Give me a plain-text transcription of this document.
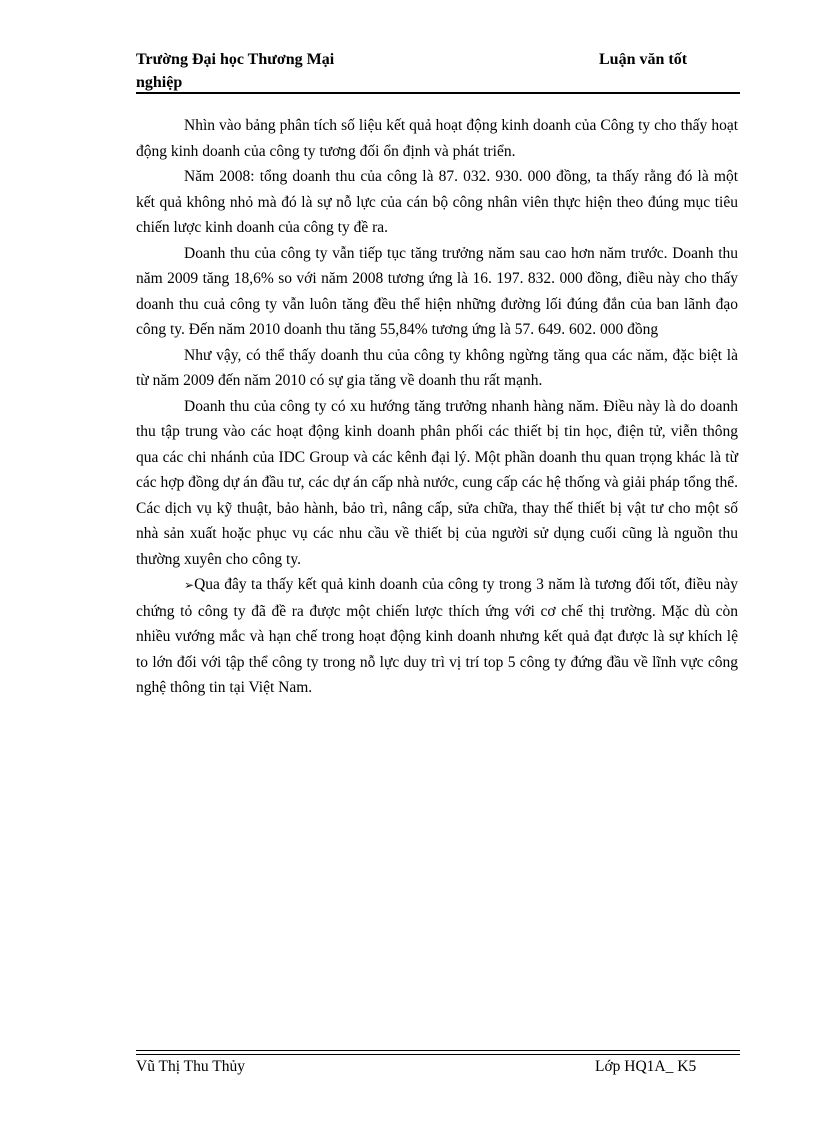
Trường Đại học Thương Mại	Luận văn tốt
nghiệp

Nhìn vào bảng phân tích số liệu kết quả hoạt động kinh doanh của Công ty cho thấy hoạt động kinh doanh của công ty tương đối ổn định và phát triển.

Năm 2008: tổng doanh thu của công là 87. 032. 930. 000 đồng, ta thấy rằng đó là một kết quả không nhỏ mà đó là sự nỗ lực của cán bộ công nhân viên thực hiện theo đúng mục tiêu chiến lược kinh doanh của công ty đề ra.

Doanh thu của công ty vẫn tiếp tục tăng trưởng năm sau cao hơn năm trước. Doanh thu năm 2009 tăng 18,6% so với năm 2008 tương ứng là 16. 197. 832. 000 đồng, điều này cho thấy doanh thu cuả công ty vẫn luôn tăng đều thể hiện những đường lối đúng đắn của ban lãnh đạo công ty. Đến năm 2010 doanh thu tăng 55,84% tương ứng là 57. 649. 602. 000 đồng

Như vậy, có thể thấy doanh thu của công ty không ngừng tăng qua các năm, đặc biệt là từ năm 2009 đến năm 2010 có sự gia tăng về doanh thu rất mạnh.

Doanh thu của công ty có xu hướng tăng trưởng nhanh hàng năm. Điều này là do doanh thu tập trung vào các hoạt động kinh doanh phân phối các thiết bị tin học, điện tử, viễn thông qua các chi nhánh của IDC Group và các kênh đại lý. Một phần doanh thu quan trọng khác là từ các hợp đồng dự án đầu tư, các dự án cấp nhà nước, cung cấp các hệ thống và giải pháp tổng thể. Các dịch vụ kỹ thuật, bảo hành, bảo trì, nâng cấp, sửa chữa, thay thế thiết bị vật tư cho một số nhà sản xuất hoặc phục vụ các nhu cầu về thiết bị của người sử dụng cuối cũng là nguồn thu thường xuyên cho công ty.

➢Qua đây ta thấy kết quả kinh doanh của công ty trong 3 năm là tương đối tốt, điều này chứng tỏ công ty đã đề ra được một chiến lược thích ứng với cơ chế thị trường. Mặc dù còn nhiều vướng mắc và hạn chế trong hoạt động kinh doanh nhưng kết quả đạt được là sự khích lệ to lớn đối với tập thể công ty trong nỗ lực duy trì vị trí top 5 công ty đứng đầu về lĩnh vực công nghệ thông tin tại Việt Nam.

Vũ Thị Thu Thủy	Lớp HQ1A_ K5
